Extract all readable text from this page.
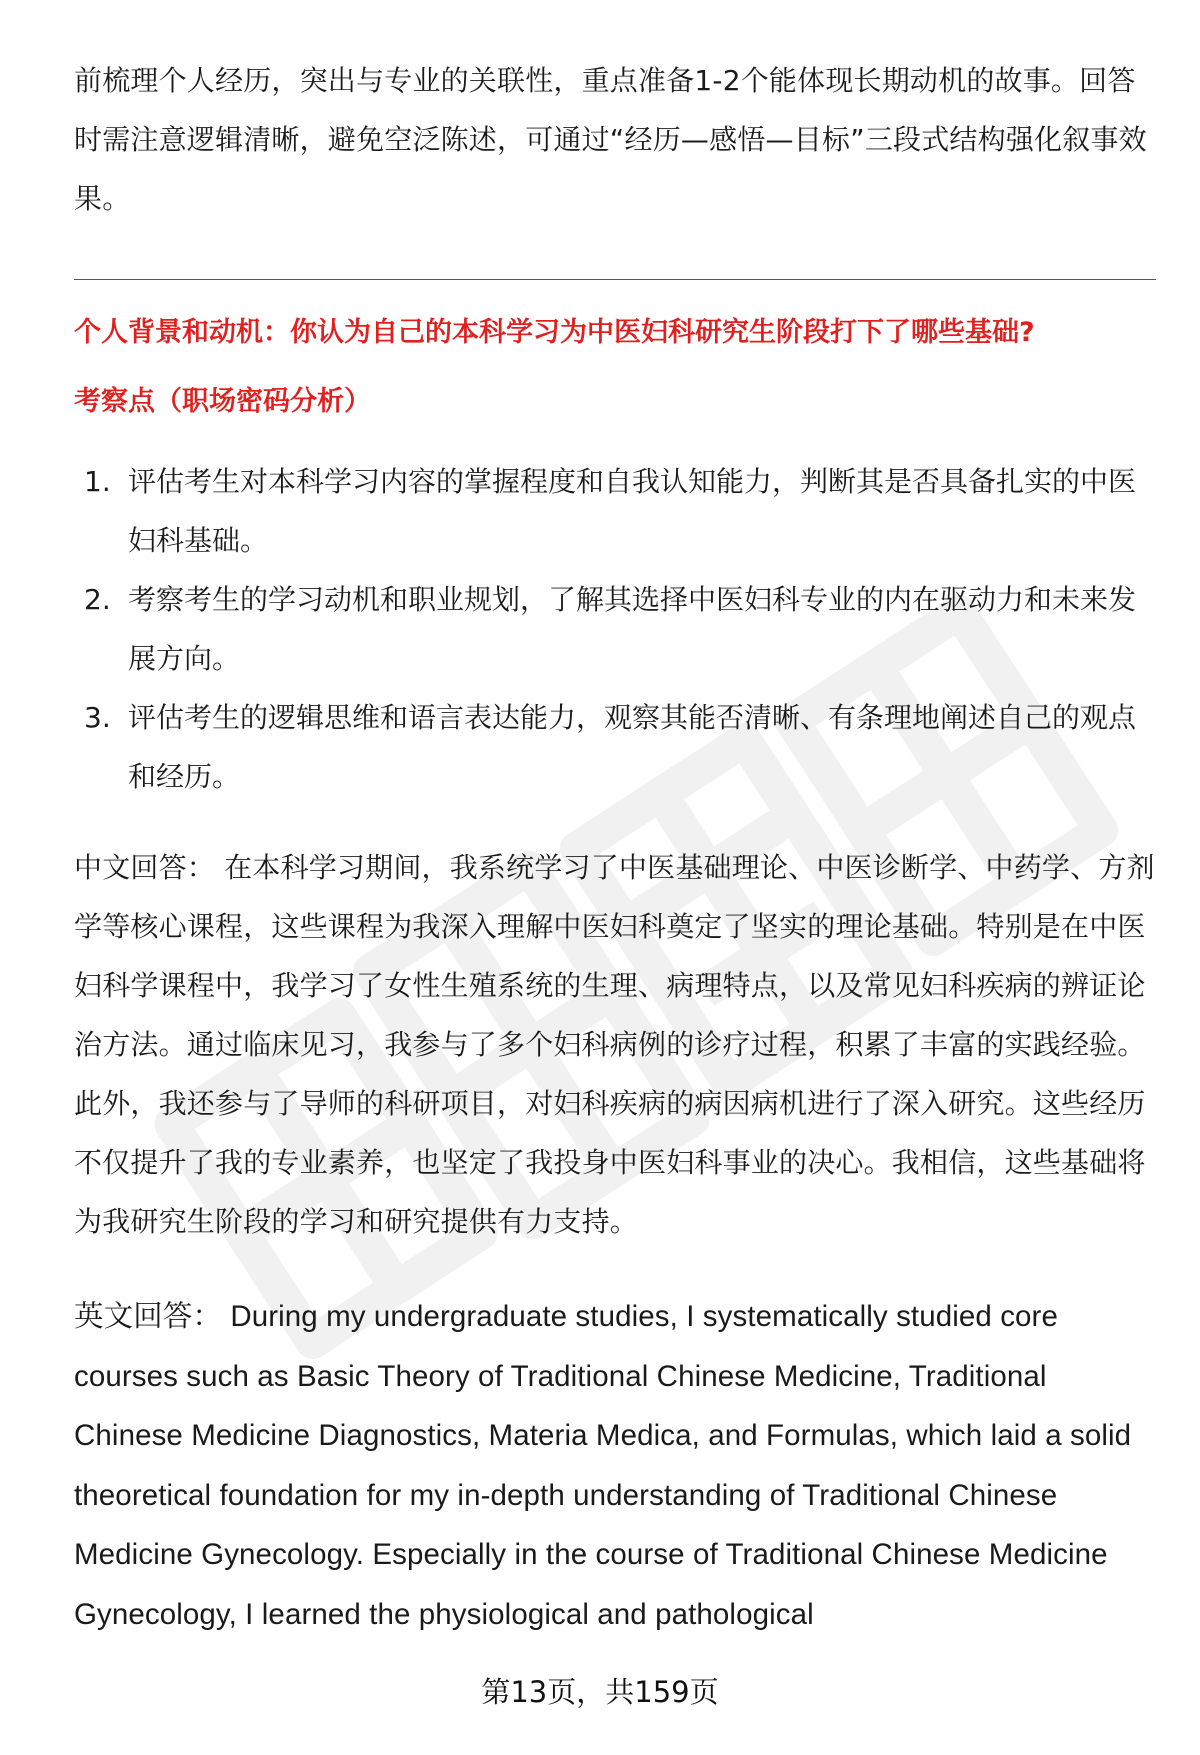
前梳理个人经历，突出与专业的关联性，重点准备1-2个能体现长期动机的故事。回答时需注意逻辑清晰，避免空泛陈述，可通过“经历—感悟—目标”三段式结构强化叙事效果。

个人背景和动机：你认为自己的本科学习为中医妇科研究生阶段打下了哪些基础?

考察点（职场密码分析）

1. 评估考生对本科学习内容的掌握程度和自我认知能力，判断其是否具备扎实的中医妇科基础。
2. 考察考生的学习动机和职业规划，了解其选择中医妇科专业的内在驱动力和未来发展方向。
3. 评估考生的逻辑思维和语言表达能力，观察其能否清晰、有条理地阐述自己的观点和经历。

中文回答： 在本科学习期间，我系统学习了中医基础理论、中医诊断学、中药学、方剂学等核心课程，这些课程为我深入理解中医妇科奠定了坚实的理论基础。特别是在中医妇科学课程中，我学习了女性生殖系统的生理、病理特点，以及常见妇科疾病的辨证论治方法。通过临床见习，我参与了多个妇科病例的诊疗过程，积累了丰富的实践经验。此外，我还参与了导师的科研项目，对妇科疾病的病因病机进行了深入研究。这些经历不仅提升了我的专业素养，也坚定了我投身中医妇科事业的决心。我相信，这些基础将为我研究生阶段的学习和研究提供有力支持。

英文回答： During my undergraduate studies, I systematically studied core courses such as Basic Theory of Traditional Chinese Medicine, Traditional Chinese Medicine Diagnostics, Materia Medica, and Formulas, which laid a solid theoretical foundation for my in-depth understanding of Traditional Chinese Medicine Gynecology. Especially in the course of Traditional Chinese Medicine Gynecology, I learned the physiological and pathological

第13页，共159页
